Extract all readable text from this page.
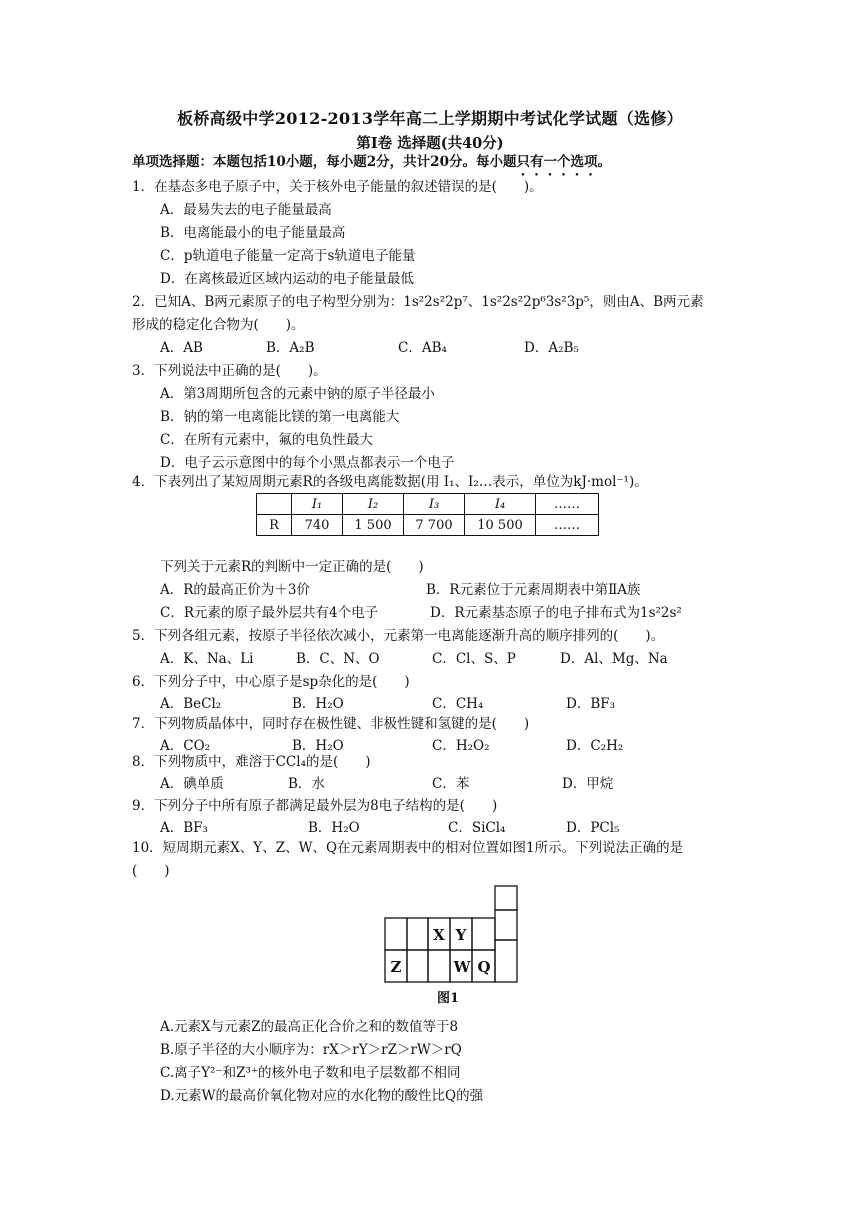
板桥高级中学2012-2013学年高二上学期期中考试化学试题（选修）
第Ⅰ卷 选择题(共40分)
单项选择题：本题包括10小题，每小题2分，共计20分。每小题只有一个选项。
1．在基态多电子原子中，关于核外电子能量的叙述错误的是(　　)。
A．最易失去的电子能量最高
B．电离能最小的电子能量最高
C．p轨道电子能量一定高于s轨道电子能量
D．在离核最近区域内运动的电子能量最低
2．已知A、B两元素原子的电子构型分别为：1s²2s²2p⁷、1s²2s²2p⁶3s²3p⁵，则由A、B两元素
形成的稳定化合物为(　　)。
A．AB	B．A₂B	C．AB₄	D．A₂B₅
3．下列说法中正确的是(　　)。
A．第3周期所包含的元素中钠的原子半径最小
B．钠的第一电离能比镁的第一电离能大
C．在所有元素中，氟的电负性最大
D．电子云示意图中的每个小黑点都表示一个电子
4．下表列出了某短周期元素R的各级电离能数据(用 I₁、I₂…表示，单位为kJ·mol⁻¹)。
	I₁	I₂	I₃	I₄	……
R	740	1 500	7 700	10 500	……
下列关于元素R的判断中一定正确的是(　　)
A．R的最高正价为＋3价	B．R元素位于元素周期表中第ⅡA族
C．R元素的原子最外层共有4个电子	D．R元素基态原子的电子排布式为1s²2s²
5．下列各组元素，按原子半径依次减小，元素第一电离能逐渐升高的顺序排列的(　　)。
A．K、Na、Li	B．C、N、O	C．Cl、S、P	D．Al、Mg、Na
6．下列分子中，中心原子是sp杂化的是(　　)
A．BeCl₂	B．H₂O	C．CH₄	D．BF₃
7．下列物质晶体中，同时存在极性键、非极性键和氢键的是(　　)
A．CO₂	B．H₂O	C．H₂O₂	D．C₂H₂
8．下列物质中，难溶于CCl₄的是(　　)
A．碘单质	B．水	C．苯	D．甲烷
9．下列分子中所有原子都满足最外层为8电子结构的是(　　)
A．BF₃	B．H₂O	C．SiCl₄	D．PCl₅
10．短周期元素X、Y、Z、W、Q在元素周期表中的相对位置如图1所示。下列说法正确的是
(　　)
X Y
Z	W Q
图1
A.元素X与元素Z的最高正化合价之和的数值等于8
B.原子半径的大小顺序为：rX＞rY＞rZ＞rW＞rQ
C.离子Y²⁻和Z³⁺的核外电子数和电子层数都不相同
D.元素W的最高价氧化物对应的水化物的酸性比Q的强
